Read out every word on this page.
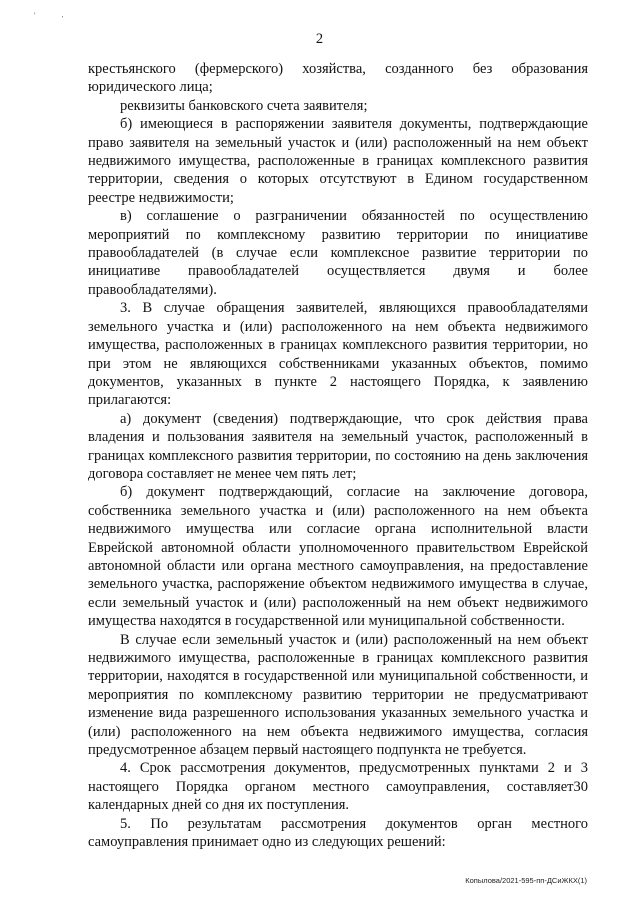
' ,
2

крестьянского (фермерского) хозяйства, созданного без образования юридического лица;

реквизиты банковского счета заявителя;

б) имеющиеся в распоряжении заявителя документы, подтверждающие право заявителя на земельный участок и (или) расположенный на нем объект недвижимого имущества, расположенные в границах комплексного развития территории, сведения о которых отсутствуют в Едином государственном реестре недвижимости;

в) соглашение о разграничении обязанностей по осуществлению мероприятий по комплексному развитию территории по инициативе правообладателей (в случае если комплексное развитие территории по инициативе правообладателей осуществляется двумя и более правообладателями).

3. В случае обращения заявителей, являющихся правообладателями земельного участка и (или) расположенного на нем объекта недвижимого имущества, расположенных в границах комплексного развития территории, но при этом не являющихся собственниками указанных объектов, помимо документов, указанных в пункте 2 настоящего Порядка, к заявлению прилагаются:

а) документ (сведения) подтверждающие, что срок действия права владения и пользования заявителя на земельный участок, расположенный в границах комплексного развития территории, по состоянию на день заключения договора составляет не менее чем пять лет;

б) документ подтверждающий, согласие на заключение договора, собственника земельного участка и (или) расположенного на нем объекта недвижимого имущества или согласие органа исполнительной власти Еврейской автономной области уполномоченного правительством Еврейской автономной области или органа местного самоуправления, на предоставление земельного участка, распоряжение объектом недвижимого имущества в случае, если земельный участок и (или) расположенный на нем объект недвижимого имущества находятся в государственной или муниципальной собственности.

В случае если земельный участок и (или) расположенный на нем объект недвижимого имущества, расположенные в границах комплексного развития территории, находятся в государственной или муниципальной собственности, и мероприятия по комплексному развитию территории не предусматривают изменение вида разрешенного использования указанных земельного участка и (или) расположенного на нем объекта недвижимого имущества, согласия предусмотренное абзацем первый настоящего подпункта не требуется.

4. Срок рассмотрения документов, предусмотренных пунктами 2 и 3 настоящего Порядка органом местного самоуправления, составляет30 календарных дней со дня их поступления.

5. По результатам рассмотрения документов орган местного самоуправления принимает одно из следующих решений:

Копылова/2021-595-пп-ДСиЖКХ(1)
